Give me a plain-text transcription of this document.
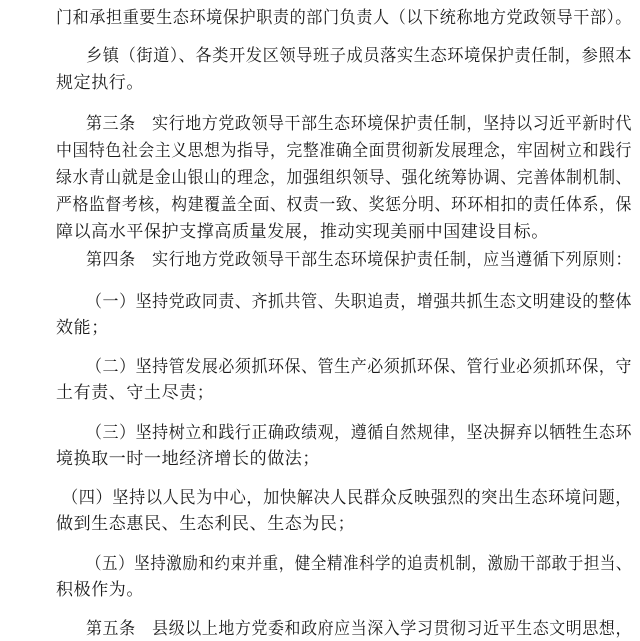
门和承担重要生态环境保护职责的部门负责人（以下统称地方党政领导干部）。
乡镇（街道）、各类开发区领导班子成员落实生态环境保护责任制，参照本
规定执行。
第三条　实行地方党政领导干部生态环境保护责任制，坚持以习近平新时代
中国特色社会主义思想为指导，完整准确全面贯彻新发展理念，牢固树立和践行
绿水青山就是金山银山的理念，加强组织领导、强化统筹协调、完善体制机制、
严格监督考核，构建覆盖全面、权责一致、奖惩分明、环环相扣的责任体系，保
障以高水平保护支撑高质量发展，推动实现美丽中国建设目标。
第四条　实行地方党政领导干部生态环境保护责任制，应当遵循下列原则：
（一）坚持党政同责、齐抓共管、失职追责，增强共抓生态文明建设的整体
效能；
（二）坚持管发展必须抓环保、管生产必须抓环保、管行业必须抓环保，守
土有责、守土尽责；
（三）坚持树立和践行正确政绩观，遵循自然规律，坚决摒弃以牺牲生态环
境换取一时一地经济增长的做法；
（四）坚持以人民为中心，加快解决人民群众反映强烈的突出生态环境问题，
做到生态惠民、生态利民、生态为民；
（五）坚持激励和约束并重，健全精准科学的追责机制，激励干部敢于担当、
积极作为。
第五条　县级以上地方党委和政府应当深入学习贯彻习近平生态文明思想，
